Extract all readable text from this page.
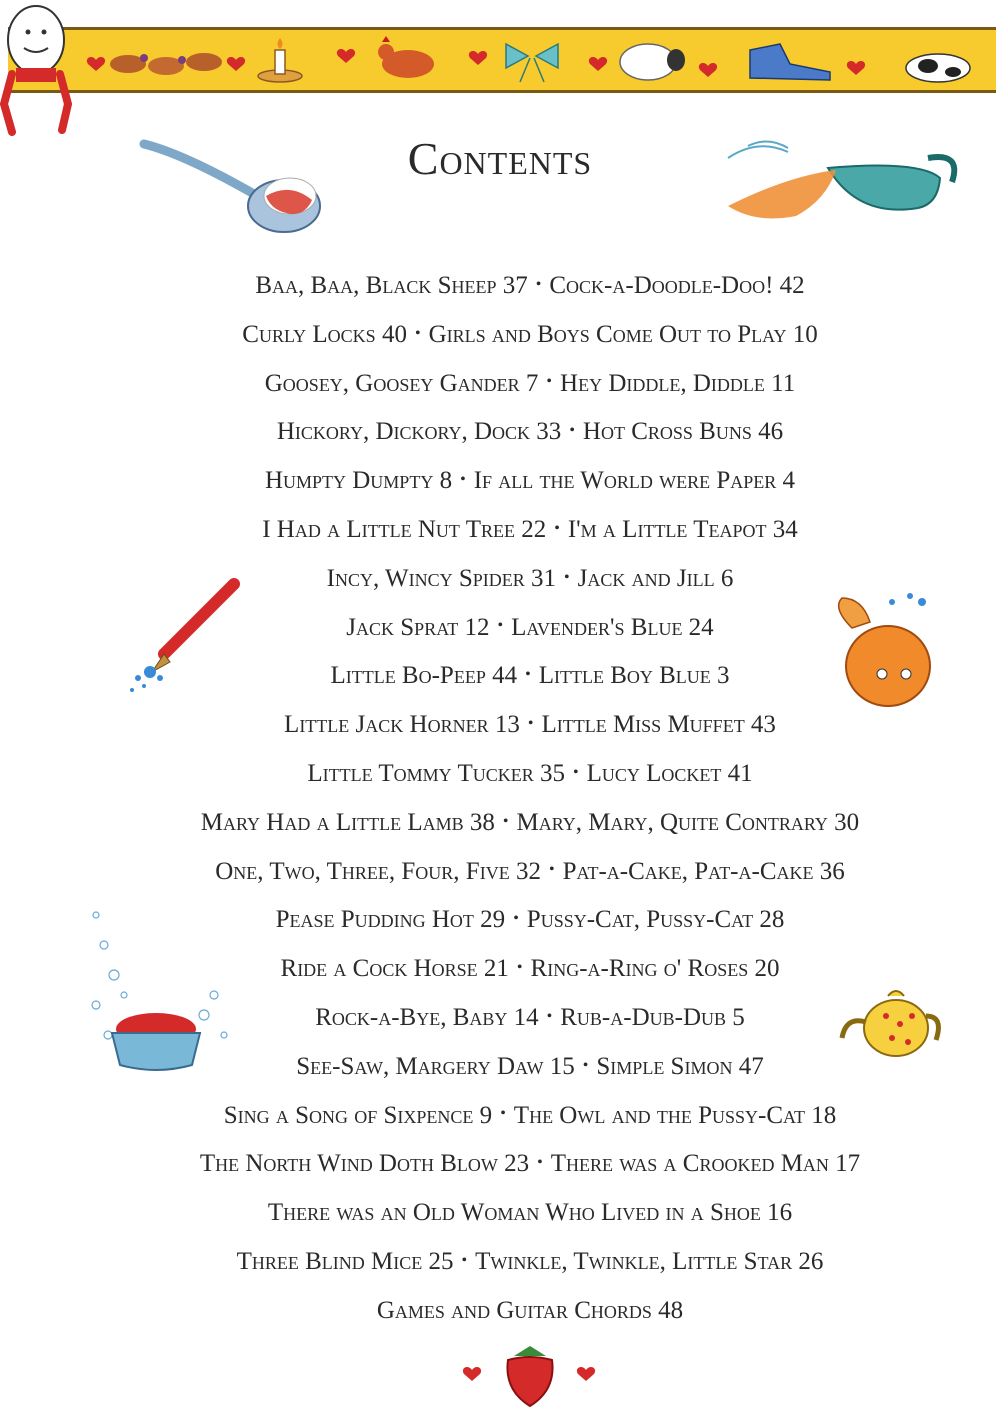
Contents
Baa, Baa, Black Sheep 37 • Cock-a-Doodle-Doo! 42
Curly Locks 40 • Girls and Boys Come Out to Play 10
Goosey, Goosey Gander 7 • Hey Diddle, Diddle 11
Hickory, Dickory, Dock 33 • Hot Cross Buns 46
Humpty Dumpty 8 • If all the World were Paper 4
I Had a Little Nut Tree 22 • I'm a Little Teapot 34
Incy, Wincy Spider 31 • Jack and Jill 6
Jack Sprat 12 • Lavender's Blue 24
Little Bo-Peep 44 • Little Boy Blue 3
Little Jack Horner 13 • Little Miss Muffet 43
Little Tommy Tucker 35 • Lucy Locket 41
Mary Had a Little Lamb 38 • Mary, Mary, Quite Contrary 30
One, Two, Three, Four, Five 32 • Pat-a-Cake, Pat-a-Cake 36
Pease Pudding Hot 29 • Pussy-Cat, Pussy-Cat 28
Ride a Cock Horse 21 • Ring-a-Ring o' Roses 20
Rock-a-Bye, Baby 14 • Rub-a-Dub-Dub 5
See-Saw, Margery Daw 15 • Simple Simon 47
Sing a Song of Sixpence 9 • The Owl and the Pussy-Cat 18
The North Wind Doth Blow 23 • There was a Crooked Man 17
There was an Old Woman Who Lived in a Shoe 16
Three Blind Mice 25 • Twinkle, Twinkle, Little Star 26
Games and Guitar Chords 48
